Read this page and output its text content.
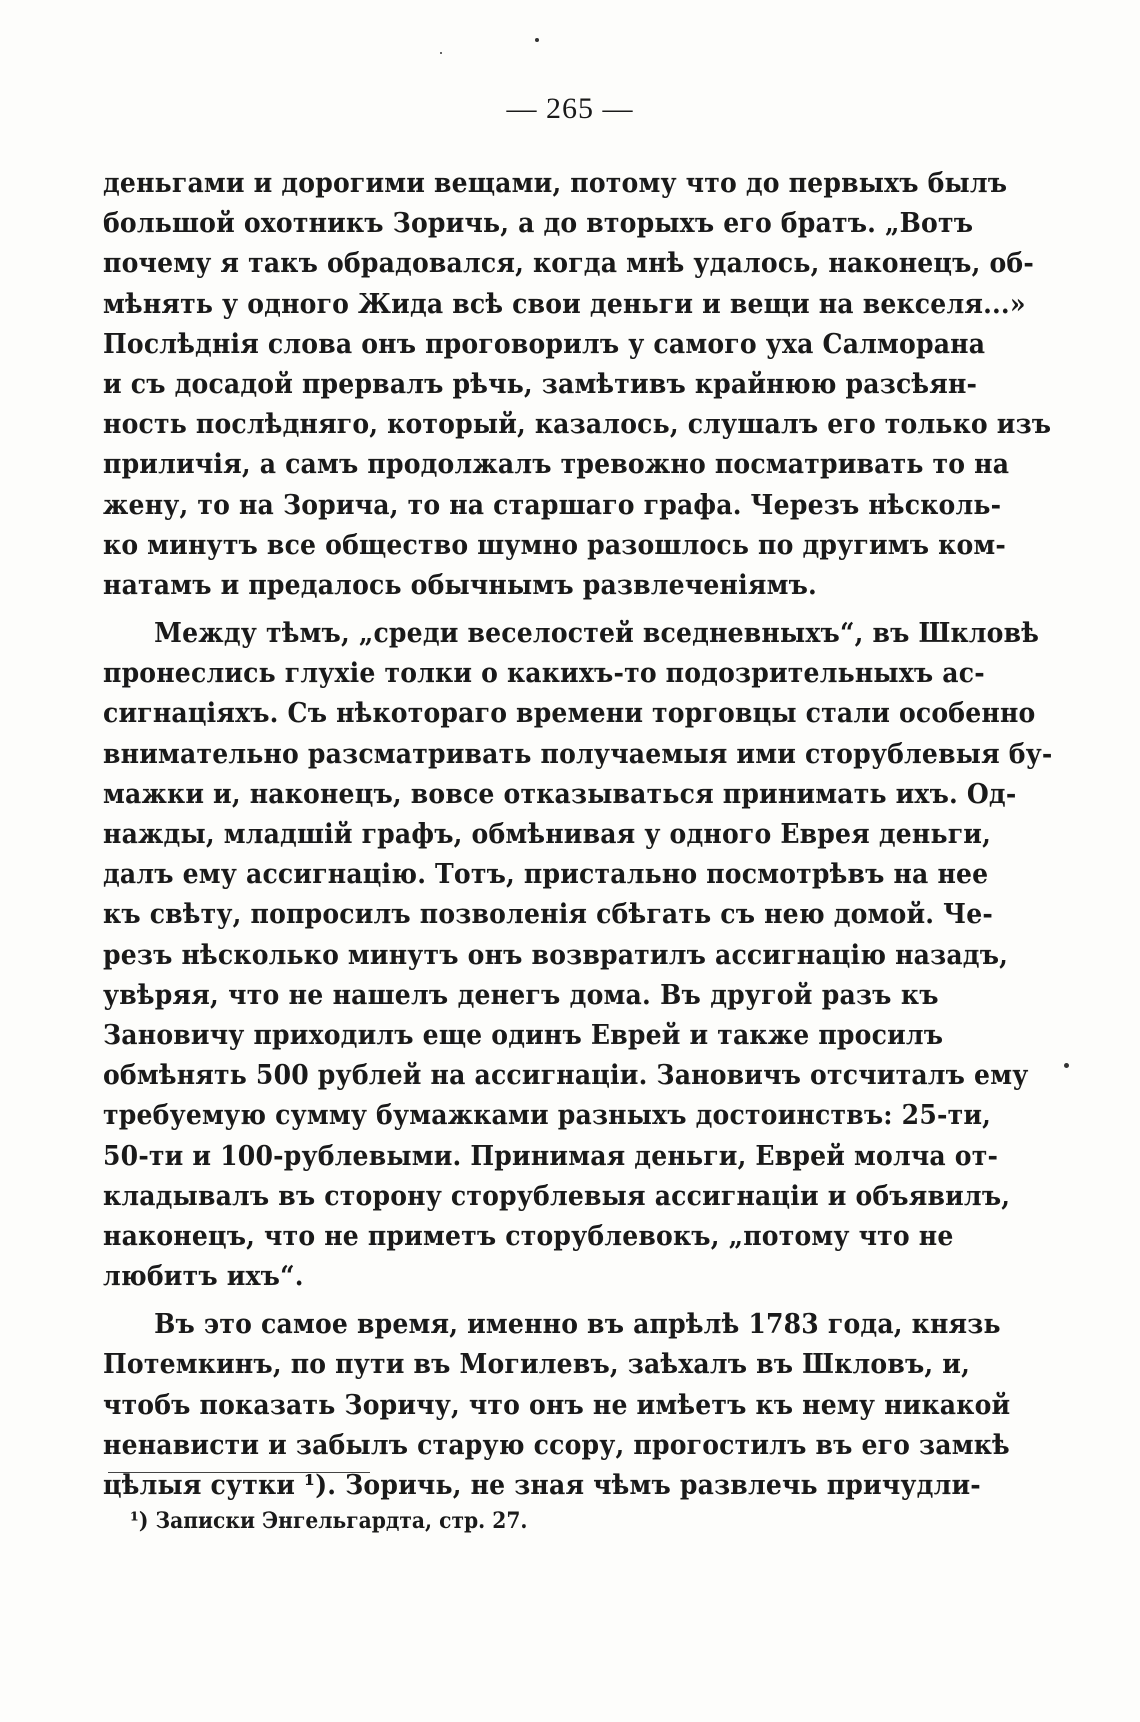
— 265 —
деньгами и дорогими вещами, потому что до первыхъ былъ
большой охотникъ Зоричь, а до вторыхъ его братъ. „Вотъ
почему я такъ обрадовался, когда мнѣ удалось, наконецъ, об-
мѣнять у одного Жида всѣ свои деньги и вещи на векселя...»
Послѣднія слова онъ проговорилъ у самого уха Салморана
и съ досадой прервалъ рѣчь, замѣтивъ крайнюю разсѣян-
ность послѣдняго, который, казалось, слушалъ его только изъ
приличія, а самъ продолжалъ тревожно посматривать то на
жену, то на Зорича, то на старшаго графа. Черезъ нѣсколь-
ко минутъ все общество шумно разошлось по другимъ ком-
натамъ и предалось обычнымъ развлеченіямъ.
Между тѣмъ, „среди веселостей вседневныхъ“, въ Шкловѣ
пронеслись глухіе толки о какихъ-то подозрительныхъ ас-
сигнаціяхъ. Съ нѣкотораго времени торговцы стали особенно
внимательно разсматривать получаемыя ими сторублевыя бу-
мажки и, наконецъ, вовсе отказываться принимать ихъ. Од-
нажды, младшій графъ, обмѣнивая у одного Еврея деньги,
далъ ему ассигнацію. Тотъ, пристально посмотрѣвъ на нее
къ свѣту, попросилъ позволенія сбѣгать съ нею домой. Че-
резъ нѣсколько минутъ онъ возвратилъ ассигнацію назадъ,
увѣряя, что не нашелъ денегъ дома. Въ другой разъ къ
Зановичу приходилъ еще одинъ Еврей и также просилъ
обмѣнять 500 рублей на ассигнаціи. Зановичъ отсчиталъ ему
требуемую сумму бумажками разныхъ достоинствъ: 25-ти,
50-ти и 100-рублевыми. Принимая деньги, Еврей молча от-
кладывалъ въ сторону сторублевыя ассигнаціи и объявилъ,
наконецъ, что не приметъ сторублевокъ, „потому что не
любитъ ихъ“.
Въ это самое время, именно въ апрѣлѣ 1783 года, князь
Потемкинъ, по пути въ Могилевъ, заѣхалъ въ Шкловъ, и,
чтобъ показать Зоричу, что онъ не имѣетъ къ нему никакой
ненависти и забылъ старую ссору, прогостилъ въ его замкѣ
цѣлыя сутки ¹). Зоричь, не зная чѣмъ развлечь причудли-
¹) Записки Энгельгардта, стр. 27.
